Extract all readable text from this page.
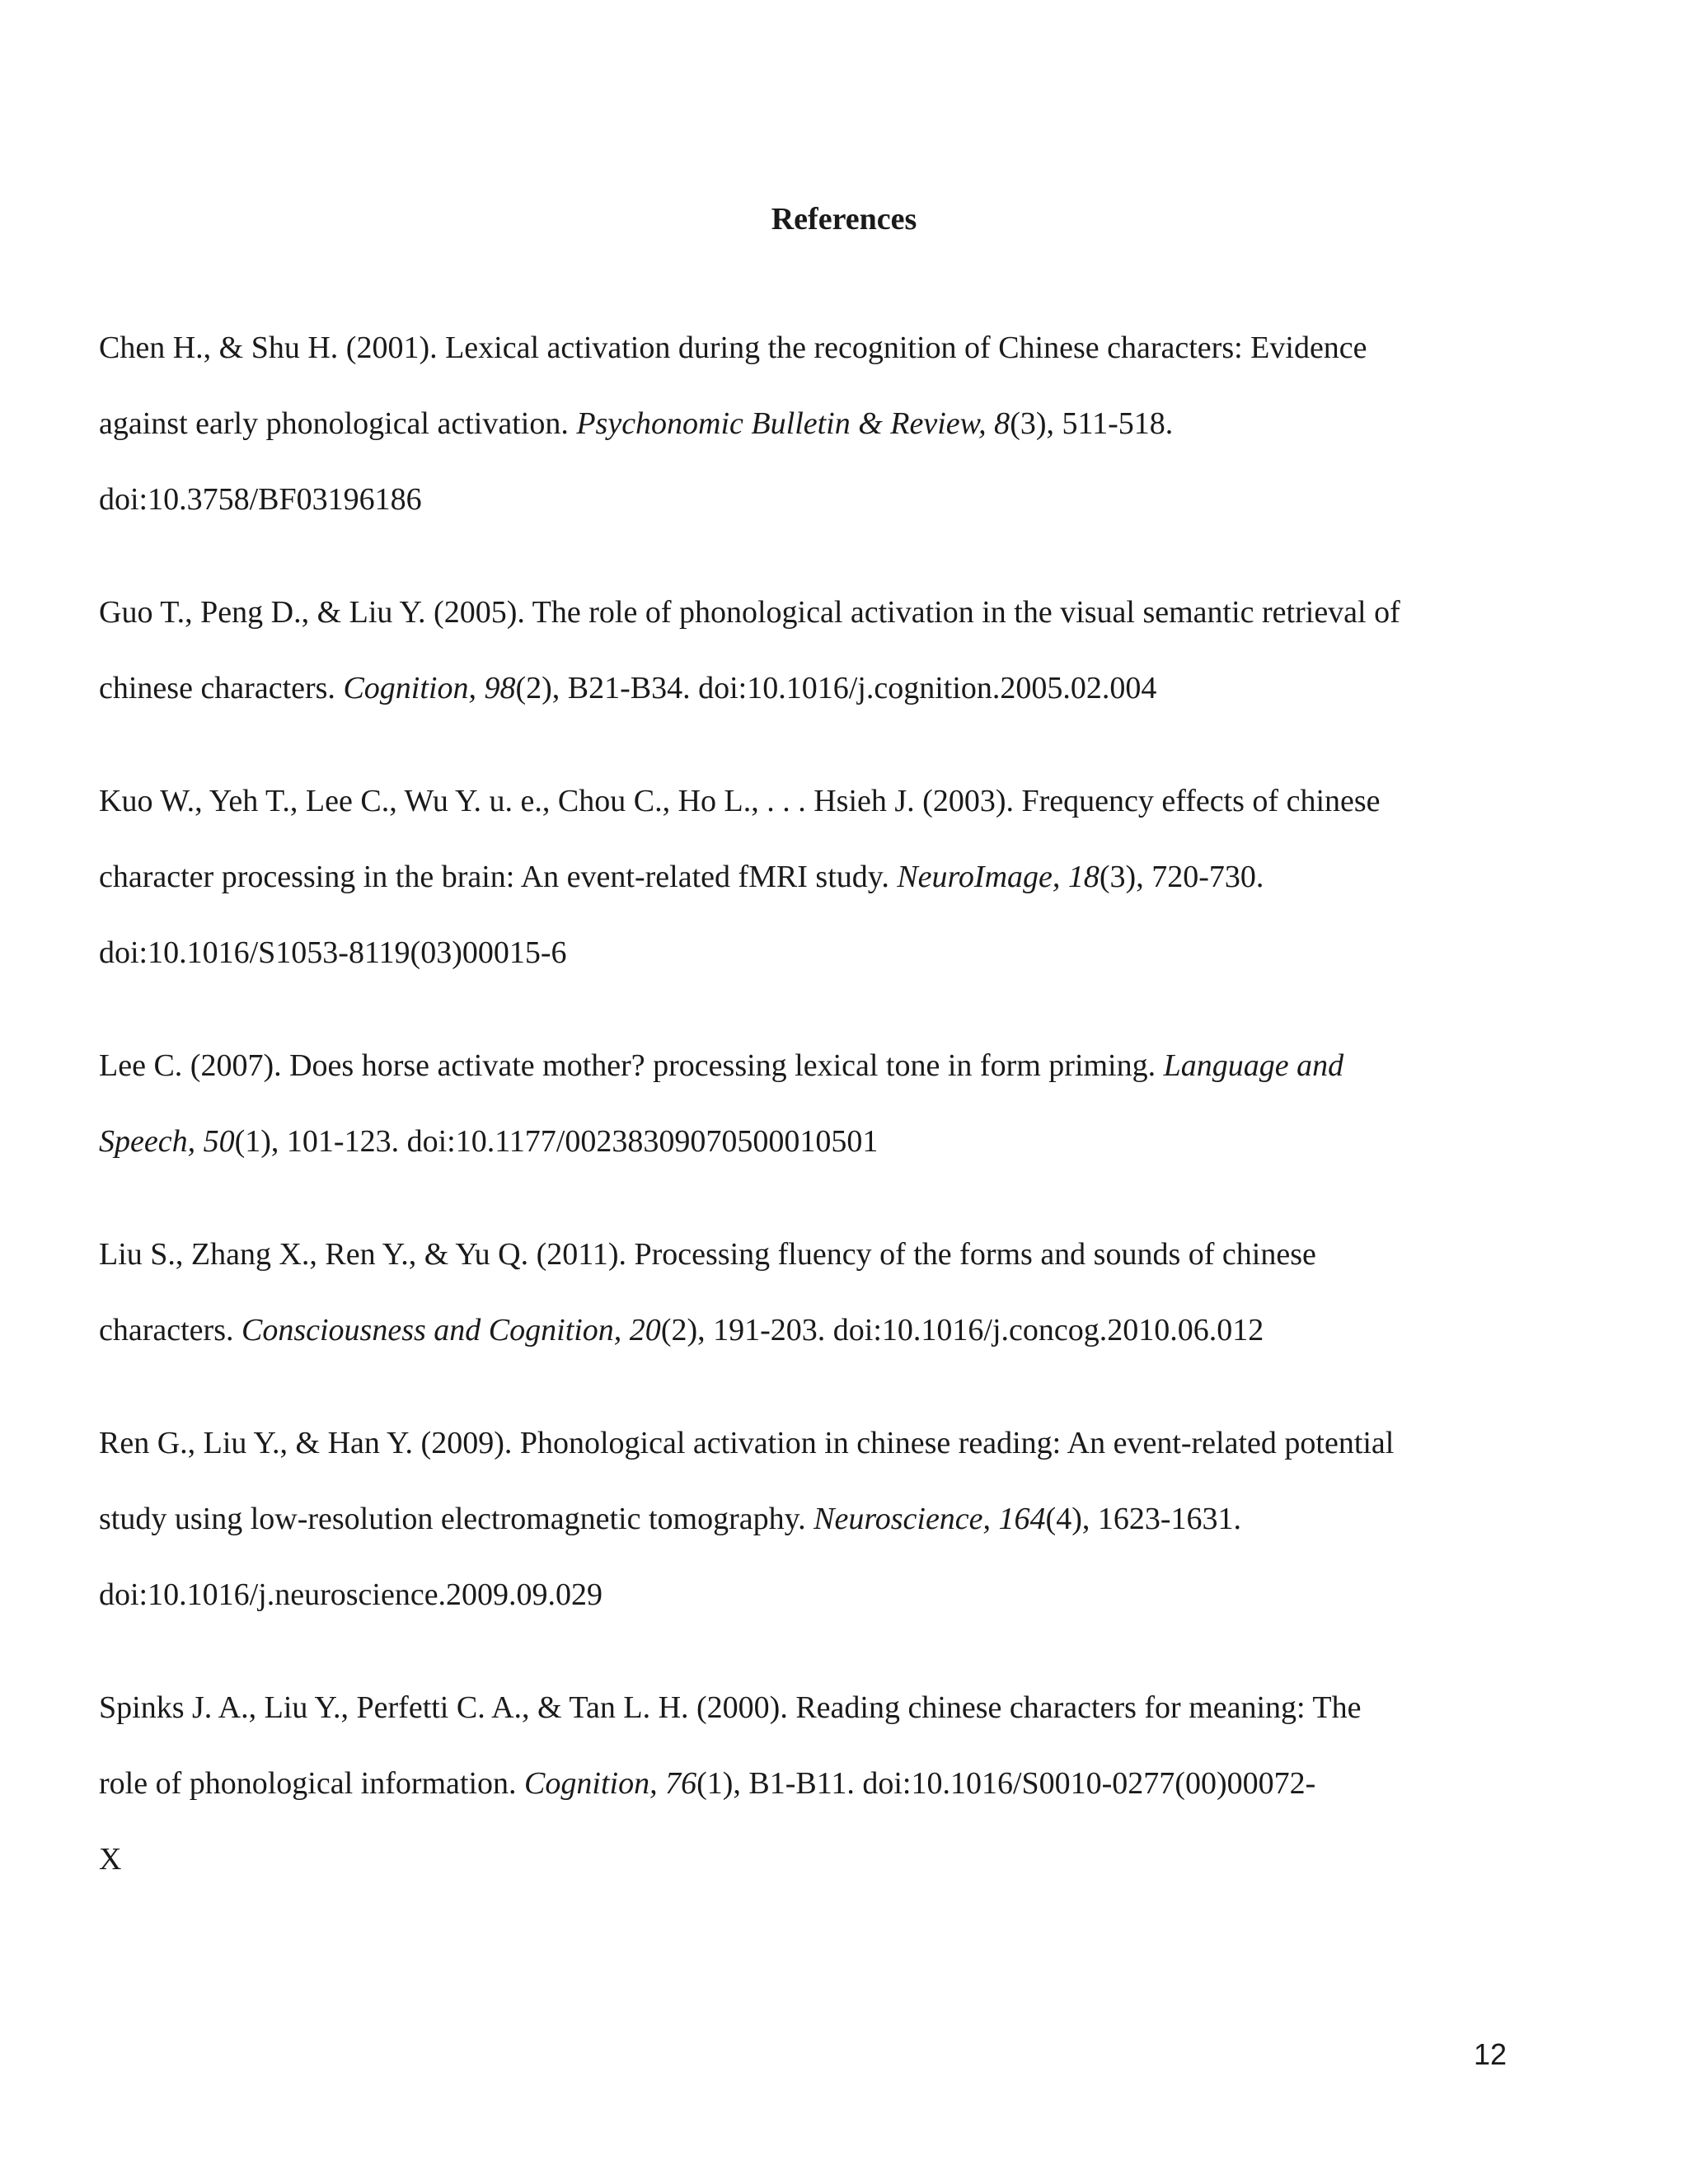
References

Chen H., & Shu H. (2001). Lexical activation during the recognition of Chinese characters: Evidence
against early phonological activation. Psychonomic Bulletin & Review, 8(3), 511-518.
doi:10.3758/BF03196186

Guo T., Peng D., & Liu Y. (2005). The role of phonological activation in the visual semantic retrieval of
chinese characters. Cognition, 98(2), B21-B34. doi:10.1016/j.cognition.2005.02.004

Kuo W., Yeh T., Lee C., Wu Y. u. e., Chou C., Ho L., . . . Hsieh J. (2003). Frequency effects of chinese
character processing in the brain: An event-related fMRI study. NeuroImage, 18(3), 720-730.
doi:10.1016/S1053-8119(03)00015-6

Lee C. (2007). Does horse activate mother? processing lexical tone in form priming. Language and
Speech, 50(1), 101-123. doi:10.1177/00238309070500010501

Liu S., Zhang X., Ren Y., & Yu Q. (2011). Processing fluency of the forms and sounds of chinese
characters. Consciousness and Cognition, 20(2), 191-203. doi:10.1016/j.concog.2010.06.012

Ren G., Liu Y., & Han Y. (2009). Phonological activation in chinese reading: An event-related potential
study using low-resolution electromagnetic tomography. Neuroscience, 164(4), 1623-1631.
doi:10.1016/j.neuroscience.2009.09.029

Spinks J. A., Liu Y., Perfetti C. A., & Tan L. H. (2000). Reading chinese characters for meaning: The
role of phonological information. Cognition, 76(1), B1-B11. doi:10.1016/S0010-0277(00)00072-
X

12
